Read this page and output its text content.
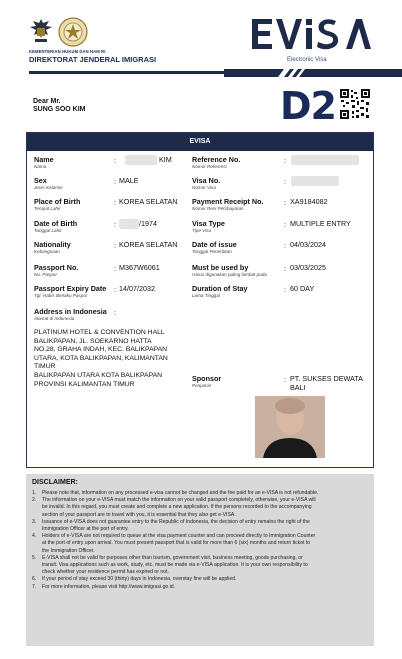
KEMENTERIAN HUKUM DAN HAM RI
DIREKTORAT JENDERAL IMIGRASI	Electronic Visa
Dear Mr.
SUNG SOO KIM	D2
EVISA
Name
Nama
:	KIM
Sex
Jenis Kelamin
: MALE
Place of Birth
Tempat Lahir
: KOREA SELATAN
Date of Birth
Tanggal Lahir
:	/1974
Nationality
Kebangsaan
: KOREA SELATAN
Passport No.
No. Paspor
: M367W6061
Passport Expiry Date
Tgl. Habis Berlaku Paspor
: 14/07/2032
Address in Indonesia
Alamat di Indonesia
:
PLATINUM HOTEL & CONVENTION HALL
BALIKPAPAN, JL. SOEKARNO HATTA
NO.28, GRAHA INDAH, KEC. BALIKPAPAN
UTARA, KOTA BALIKPAPAN, KALIMANTAN
TIMUR
BALIKPAPAN UTARA KOTA BALIKPAPAN
PROVINSI KALIMANTAN TIMUR
Reference No.
Nomor Referensi
:
Visa No.
Nomor Visa
:
Payment Receipt No.
Nomor Resi Pembayaran
: XA9184082
Visa Type
Tipe Visa
: MULTIPLE ENTRY
Date of issue
Tanggal Penerbitan
: 04/03/2024
Must be used by
Harus digunakan paling lambat pada
: 03/03/2025
Duration of Stay
Lama Tinggal
: 60 DAY
Sponsor
Penjamin
: PT. SUKSES DEWATA
BALI
DISCLAIMER:
1. Please note that, information on any processed e-visa cannot be changed and the fee paid for an e-VISA is not refundable.
2. The information on your e-VISA must match the information on your valid passport completely, otherwise, your e-VISA will
be invalid. In this regard, you must create and complete a new application. If the persons recorded to the accompanying
section of your passport are to travel with you, it is essential that they also get e-VISA.
3. Issuance of e-VISA does not guarantee entry to the Republic of Indonesia, the decision of entry remains the right of the
Immigration Officer at the port of entry.
4. Holders of e-VISA are not required to queue at the visa payment counter and can proceed directly to Immigration Counter
at the port of entry upon arrival. You must present passport that is valid for more than 6 (six) months and return ticket to
the Immigration Officer.
5. E-VISA shall not be valid for purposes other than tourism, government visit, business meeting, goods purchasing, or
transit. Visa applications such as work, study, etc. must be made via e-VISA application. It is your own responsibility to
check whether your residence permit has expired or not.
6. If your period of stay exceed 30 (thirty) days in Indonesia, overstay fine will be applied.
7. For more information, please visit http://www.imigrasi.go.id.
